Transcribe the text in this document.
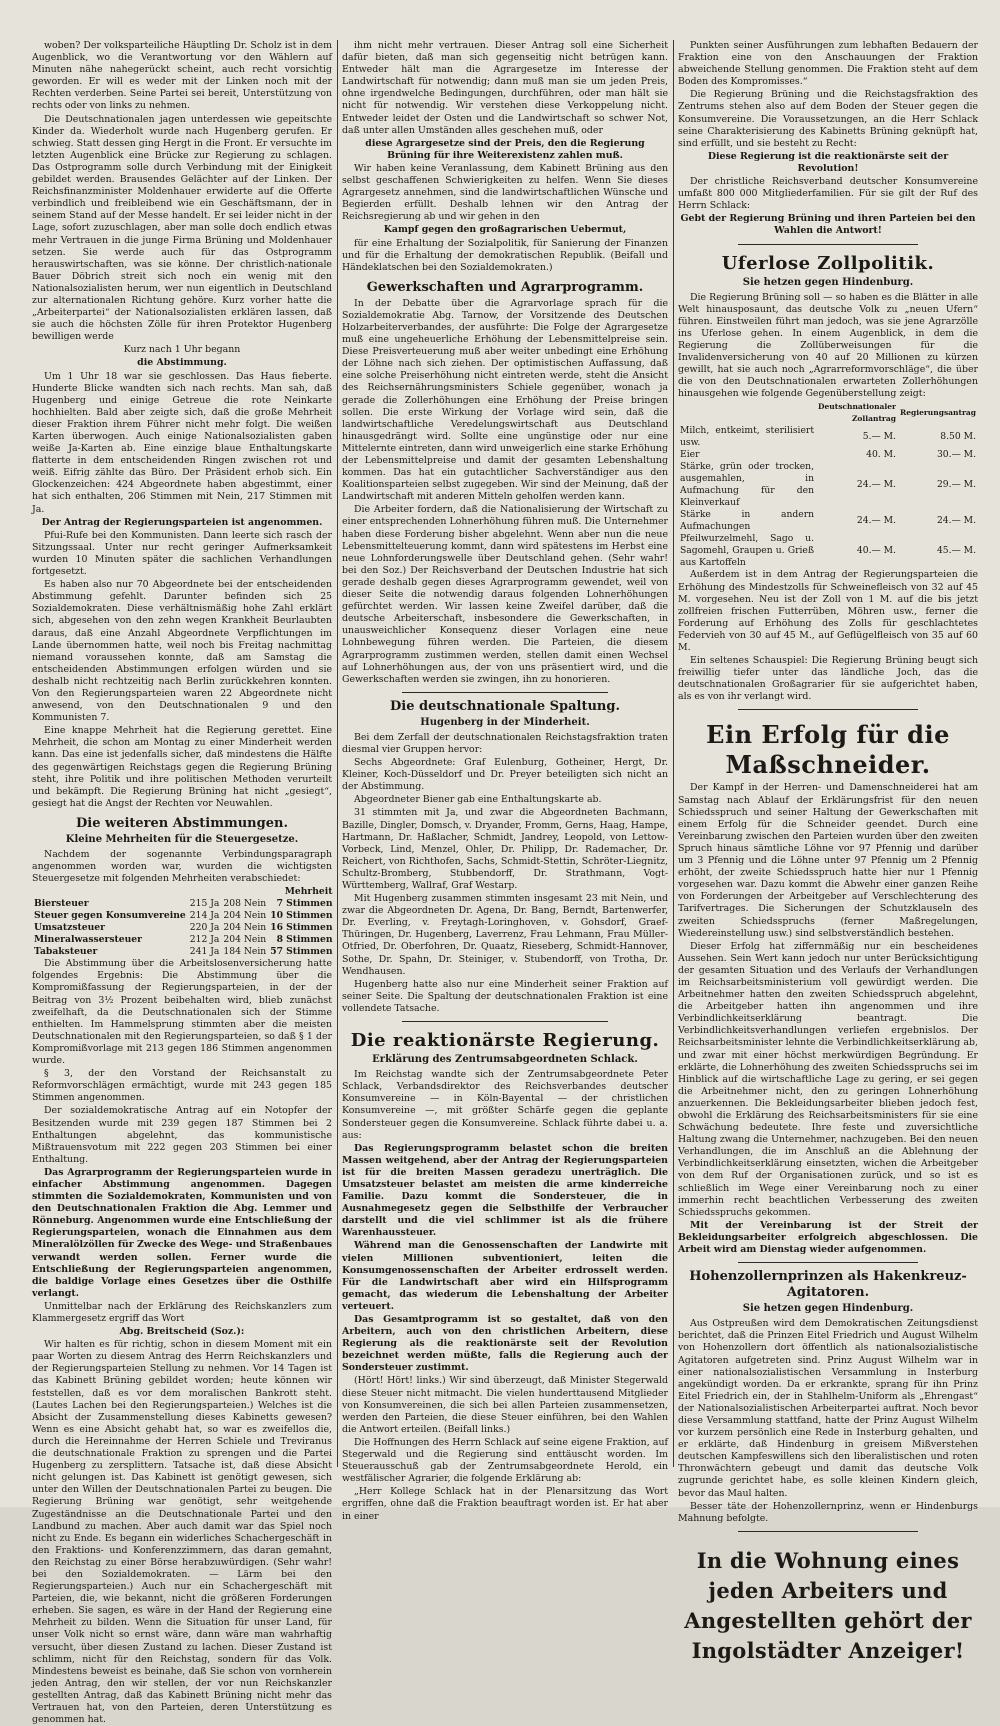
woben? Der volksparteiliche Häuptling Dr. Scholz ist in dem Augenblick, wo die Verantwortung vor den Wählern auf Minuten nähe nahegerückt scheint, auch recht vorsichtig geworden. Er will es weder mit der Linken noch mit der Rechten verderben. Seine Partei sei bereit, Unterstützung von rechts oder von links zu nehmen.

Die Deutschnationalen jagen unterdessen wie gepeitschte Kinder da. Wiederholt wurde nach Hugenberg gerufen. Er schwieg. Statt dessen ging Hergt in die Front. Er versuchte im letzten Augenblick eine Brücke zur Regierung zu schlagen. Das Ostprogramm solle durch Verbindung mit der Einigkeit gebildet werden. Brausendes Gelächter auf der Linken. Der Reichsfinanzminister Moldenhauer erwiderte auf die Offerte verbindlich und freibleibend wie ein Geschäftsmann, der in seinem Stand auf der Messe handelt. Er sei leider nicht in der Lage, sofort zuzuschlagen, aber man solle doch endlich etwas mehr Vertrauen in die junge Firma Brüning und Moldenhauer setzen. Sie werde auch für das Ostprogramm herauswirtschaften, was sie könne. Der christlich-nationale Bauer Döbrich streit sich noch ein wenig mit den Nationalsozialisten herum, wer nun eigentlich in Deutschland zur alternationalen Richtung gehöre. Kurz vorher hatte die „Arbeiterpartei“ der Nationalsozialisten erklären lassen, daß sie auch die höchsten Zölle für ihren Protektor Hugenberg bewilligen werde

Kurz nach 1 Uhr begann

die Abstimmung.

Um 1 Uhr 18 war sie geschlossen. Das Haus fieberte. Hunderte Blicke wandten sich nach rechts. Man sah, daß Hugenberg und einige Getreue die rote Neinkarte hochhielten. Bald aber zeigte sich, daß die große Mehrheit dieser Fraktion ihrem Führer nicht mehr folgt. Die weißen Karten überwogen. Auch einige Nationalsozialisten gaben weiße Ja-Karten ab. Eine einzige blaue Enthaltungskarte flatterte in dem entscheidenden Ringen zwischen rot und weiß. Eifrig zählte das Büro. Der Präsident erhob sich. Ein Glockenzeichen: 424 Abgeordnete haben abgestimmt, einer hat sich enthalten, 206 Stimmen mit Nein, 217 Stimmen mit Ja.

Der Antrag der Regierungsparteien ist angenommen.

Pfui-Rufe bei den Kommunisten. Dann leerte sich rasch der Sitzungssaal. Unter nur recht geringer Aufmerksamkeit wurden 10 Minuten später die sachlichen Verhandlungen fortgesetzt.

Es haben also nur 70 Abgeordnete bei der entscheidenden Abstimmung gefehlt. Darunter befinden sich 25 Sozialdemokraten. Diese verhältnismäßig hohe Zahl erklärt sich, abgesehen von den zehn wegen Krankheit Beurlaubten daraus, daß eine Anzahl Abgeordnete Verpflichtungen im Lande übernommen hatte, weil noch bis Freitag nachmittag niemand voraussehen konnte, daß am Samstag die entscheidenden Abstimmungen erfolgen würden und sie deshalb nicht rechtzeitig nach Berlin zurückkehren konnten. Von den Regierungsparteien waren 22 Abgeordnete nicht anwesend, von den Deutschnationalen 9 und den Kommunisten 7.

Eine knappe Mehrheit hat die Regierung gerettet. Eine Mehrheit, die schon am Montag zu einer Minderheit werden kann. Das eine ist jedenfalls sicher, daß mindestens die Hälfte des gegenwärtigen Reichstags gegen die Regierung Brüning steht, ihre Politik und ihre politischen Methoden verurteilt und bekämpft. Die Regierung Brüning hat nicht „gesiegt“, gesiegt hat die Angst der Rechten vor Neuwahlen.

Die weiteren Abstimmungen.
Kleine Mehrheiten für die Steuergesetze.

Nachdem der sogenannte Verbindungsparagraph angenommen worden war, wurden die wichtigsten Steuergesetze mit folgenden Mehrheiten verabschiedet:

			Mehrheit
Biersteuer	215 Ja	208 Nein	7 Stimmen
Steuer gegen Konsumvereine	214 Ja	204 Nein	10 Stimmen
Umsatzsteuer	220 Ja	204 Nein	16 Stimmen
Mineralwassersteuer	212 Ja	204 Nein	8 Stimmen
Tabaksteuer	241 Ja	184 Nein	57 Stimmen

Die Abstimmung über die Arbeitslosenversicherung hatte folgendes Ergebnis: Die Abstimmung über die Kompromißfassung der Regierungsparteien, in der der Beitrag von 3½ Prozent beibehalten wird, blieb zunächst zweifelhaft, da die Deutschnationalen sich der Stimme enthielten. Im Hammelsprung stimmten aber die meisten Deutschnationalen mit den Regierungsparteien, so daß § 1 der Kompromißvorlage mit 213 gegen 186 Stimmen angenommen wurde.

§ 3, der den Vorstand der Reichsanstalt zu Reformvorschlägen ermächtigt, wurde mit 243 gegen 185 Stimmen angenommen.

Der sozialdemokratische Antrag auf ein Notopfer der Besitzenden wurde mit 239 gegen 187 Stimmen bei 2 Enthaltungen abgelehnt, das kommunistische Mißtrauensvotum mit 222 gegen 203 Stimmen bei einer Enthaltung.

Das Agrarprogramm der Regierungsparteien wurde in einfacher Abstimmung angenommen. Dagegen stimmten die Sozialdemokraten, Kommunisten und von den Deutschnationalen Fraktion die Abg. Lemmer und Rönneburg. Angenommen wurde eine Entschließung der Regierungsparteien, wonach die Einnahmen aus dem Mineralölzöllen für Zwecke des Wege- und Straßenbaues verwandt werden sollen. Ferner wurde die Entschließung der Regierungsparteien angenommen, die baldige Vorlage eines Gesetzes über die Osthilfe verlangt.

Unmittelbar nach der Erklärung des Reichskanzlers zum Klammergesetz ergriff das Wort

Abg. Breitscheid (Soz.):

Wir halten es für richtig, schon in diesem Moment mit ein paar Worten zu diesem Antrag des Herrn Reichskanzlers und der Regierungsparteien Stellung zu nehmen. Vor 14 Tagen ist das Kabinett Brüning gebildet worden; heute können wir feststellen, daß es vor dem moralischen Bankrott steht. (Lautes Lachen bei den Regierungsparteien.) Welches ist die Absicht der Zusammenstellung dieses Kabinetts gewesen? Wenn es eine Absicht gehabt hat, so war es zweifellos die, durch die Hereinnahme der Herren Schiele und Treviranus die deutschnationale Fraktion zu sprengen und die Partei Hugenberg zu zersplittern. Tatsache ist, daß diese Absicht nicht gelungen ist. Das Kabinett ist genötigt gewesen, sich unter den Willen der Deutschnationalen Partei zu beugen. Die Regierung Brüning war genötigt, sehr weitgehende Zugeständnisse an die Deutschnationale Partei und den Landbund zu machen. Aber auch damit war das Spiel noch nicht zu Ende. Es begann ein widerliches Schachergeschäft in den Fraktions- und Konferenzzimmern, das daran gemahnt, den Reichstag zu einer Börse herabzuwürdigen. (Sehr wahr! bei den Sozialdemokraten. — Lärm bei den Regierungsparteien.) Auch nur ein Schachergeschäft mit Parteien, die, wie bekannt, nicht die größeren Forderungen erheben. Sie sagen, es wäre in der Hand der Regierung eine Mehrheit zu bilden. Wenn die Situation für unser Land, für unser Volk nicht so ernst wäre, dann wäre man wahrhaftig versucht, über diesen Zustand zu lachen. Dieser Zustand ist schlimm, nicht für den Reichstag, sondern für das Volk. Mindestens beweist es beinahe, daß Sie schon von vornherein jeden Antrag, den wir stellen, der vor nun Reichskanzler gestellten Antrag, daß das Kabinett Brüning nicht mehr das Vertrauen hat, von den Parteien, deren Unterstützung es genommen hat.

ihm nicht mehr vertrauen. Dieser Antrag soll eine Sicherheit dafür bieten, daß man sich gegenseitig nicht betrügen kann. Entweder hält man die Agrargesetze im Interesse der Landwirtschaft für notwendig; dann muß man sie um jeden Preis, ohne irgendwelche Bedingungen, durchführen, oder man hält sie nicht für notwendig. Wir verstehen diese Verkoppelung nicht. Entweder leidet der Osten und die Landwirtschaft so schwer Not, daß unter allen Umständen alles geschehen muß, oder

diese Agrargesetze sind der Preis, den die Regierung Brüning für ihre Weiterexistenz zahlen muß.

Wir haben keine Veranlassung, dem Kabinett Brüning aus den selbst geschaffenen Schwierigkeiten zu helfen. Wenn Sie dieses Agrargesetz annehmen, sind die landwirtschaftlichen Wünsche und Begierden erfüllt. Deshalb lehnen wir den Antrag der Reichsregierung ab und wir gehen in den

Kampf gegen den großagrarischen Uebermut,

für eine Erhaltung der Sozialpolitik, für Sanierung der Finanzen und für die Erhaltung der demokratischen Republik. (Beifall und Händeklatschen bei den Sozialdemokraten.)

Gewerkschaften und Agrarprogramm.

In der Debatte über die Agrarvorlage sprach für die Sozialdemokratie Abg. Tarnow, der Vorsitzende des Deutschen Holzarbeiterverbandes, der ausführte: Die Folge der Agrargesetze muß eine ungeheuerliche Erhöhung der Lebensmittelpreise sein. Diese Preisverteuerung muß aber weiter unbedingt eine Erhöhung der Löhne nach sich ziehen. Der optimistischen Auffassung, daß eine solche Preiserhöhung nicht eintreten werde, steht die Ansicht des Reichsernährungsministers Schiele gegenüber, wonach ja gerade die Zollerhöhungen eine Erhöhung der Preise bringen sollen. Die erste Wirkung der Vorlage wird sein, daß die landwirtschaftliche Veredelungswirtschaft aus Deutschland hinausgedrängt wird. Sollte eine ungünstige oder nur eine Mittelernte eintreten, dann wird unweigerlich eine starke Erhöhung der Lebensmittelpreise und damit der gesamten Lebenshaltung kommen. Das hat ein gutachtlicher Sachverständiger aus den Koalitionsparteien selbst zugegeben. Wir sind der Meinung, daß der Landwirtschaft mit anderen Mitteln geholfen werden kann.

Die Arbeiter fordern, daß die Nationalisierung der Wirtschaft zu einer entsprechenden Lohnerhöhung führen muß. Die Unternehmer haben diese Forderung bisher abgelehnt. Wenn aber nun die neue Lebensmittelteuerung kommt, dann wird spätestens im Herbst eine neue Lohnforderungswelle über Deutschland gehen. (Sehr wahr! bei den Soz.) Der Reichsverband der Deutschen Industrie hat sich gerade deshalb gegen dieses Agrarprogramm gewendet, weil von dieser Seite die notwendig daraus folgenden Lohnerhöhungen gefürchtet werden. Wir lassen keine Zweifel darüber, daß die deutsche Arbeiterschaft, insbesondere die Gewerkschaften, in unausweichlicher Konsequenz dieser Vorlagen eine neue Lohnbewegung führen werden. Die Parteien, die diesem Agrarprogramm zustimmen werden, stellen damit einen Wechsel auf Lohnerhöhungen aus, der von uns präsentiert wird, und die Gewerkschaften werden sie zwingen, ihn zu honorieren.

Die deutschnationale Spaltung.
Hugenberg in der Minderheit.

Bei dem Zerfall der deutschnationalen Reichstagsfraktion traten diesmal vier Gruppen hervor:

Sechs Abgeordnete: Graf Eulenburg, Gotheiner, Hergt, Dr. Kleiner, Koch-Düsseldorf und Dr. Preyer beteiligten sich nicht an der Abstimmung.

Abgeordneter Biener gab eine Enthaltungskarte ab.

31 stimmten mit Ja, und zwar die Abgeordneten Bachmann, Bazille, Dingler, Domsch, v. Dryander, Fromm, Gerns, Haag, Hampe, Hartmann, Dr. Haßlacher, Schmidt, Jandrey, Leopold, von Lettow-Vorbeck, Lind, Menzel, Ohler, Dr. Philipp, Dr. Rademacher, Dr. Reichert, von Richthofen, Sachs, Schmidt-Stettin, Schröter-Liegnitz, Schultz-Bromberg, Stubbendorff, Dr. Strathmann, Vogt-Württemberg, Wallraf, Graf Westarp.

Mit Hugenberg zusammen stimmten insgesamt 23 mit Nein, und zwar die Abgeordneten Dr. Agena, Dr. Bang, Berndt, Bartenwerfer, Dr. Everling, v. Freytagh-Loringhoven, v. Gohsdorf, Graef-Thüringen, Dr. Hugenberg, Laverrenz, Frau Lehmann, Frau Müller-Otfried, Dr. Oberfohren, Dr. Quaatz, Rieseberg, Schmidt-Hannover, Sothe, Dr. Spahn, Dr. Steiniger, v. Stubendorff, von Trotha, Dr. Wendhausen.

Hugenberg hatte also nur eine Minderheit seiner Fraktion auf seiner Seite. Die Spaltung der deutschnationalen Fraktion ist eine vollendete Tatsache.

Die reaktionärste Regierung.
Erklärung des Zentrumsabgeordneten Schlack.

Im Reichstag wandte sich der Zentrumsabgeordnete Peter Schlack, Verbandsdirektor des Reichsverbandes deutscher Konsumvereine — in Köln-Bayental — der christlichen Konsumvereine —, mit größter Schärfe gegen die geplante Sondersteuer gegen die Konsumvereine. Schlack führte dabei u. a. aus:

Das Regierungsprogramm belastet schon die breiten Massen weitgehend, aber der Antrag der Regierungsparteien ist für die breiten Massen geradezu unerträglich. Die Umsatzsteuer belastet am meisten die arme kinderreiche Familie. Dazu kommt die Sondersteuer, die in Ausnahmegesetz gegen die Selbsthilfe der Verbraucher darstellt und die viel schlimmer ist als die frühere Warenhaussteuer.

Während man die Genossenschaften der Landwirte mit vielen Millionen subventioniert, leiten die Konsumgenossenschaften der Arbeiter erdrosselt werden. Für die Landwirtschaft aber wird ein Hilfsprogramm gemacht, das wiederum die Lebenshaltung der Arbeiter verteuert.

Das Gesamtprogramm ist so gestaltet, daß von den Arbeitern, auch von den christlichen Arbeitern, diese Regierung als die reaktionärste seit der Revolution bezeichnet werden müßte, falls die Regierung auch der Sondersteuer zustimmt.

(Hört! Hört! links.) Wir sind überzeugt, daß Minister Stegerwald diese Steuer nicht mitmacht. Die vielen hunderttausend Mitglieder von Konsumvereinen, die sich bei allen Parteien zusammensetzen, werden den Parteien, die diese Steuer einführen, bei den Wahlen die Antwort erteilen. (Beifall links.)

Die Hoffnungen des Herrn Schlack auf seine eigene Fraktion, auf Stegerwald und die Regierung sind enttäuscht worden. Im Steuerausschuß gab der Zentrumsabgeordnete Herold, ein westfälischer Agrarier, die folgende Erklärung ab:

„Herr Kollege Schlack hat in der Plenarsitzung das Wort ergriffen, ohne daß die Fraktion beauftragt worden ist. Er hat aber in einer

Punkten seiner Ausführungen zum lebhaften Bedauern der Fraktion eine von den Anschauungen der Fraktion abweichende Stellung genommen. Die Fraktion steht auf dem Boden des Kompromisses.“

Die Regierung Brüning und die Reichstagsfraktion des Zentrums stehen also auf dem Boden der Steuer gegen die Konsumvereine. Die Voraussetzungen, an die Herr Schlack seine Charakterisierung des Kabinetts Brüning geknüpft hat, sind erfüllt, und sie besteht zu Recht:

Diese Regierung ist die reaktionärste seit der Revolution!

Der christliche Reichsverband deutscher Konsumvereine umfaßt 800 000 Mitgliederfamilien. Für sie gilt der Ruf des Herrn Schlack:

Gebt der Regierung Brüning und ihren Parteien bei den Wahlen die Antwort!

Uferlose Zollpolitik.
Sie hetzen gegen Hindenburg.

Die Regierung Brüning soll — so haben es die Blätter in alle Welt hinausposaunt, das deutsche Volk zu „neuen Ufern“ führen. Einstweilen führt man jedoch, was sie jene Agrarzölle ins Uferlose gehen. In einem Augenblick, in dem die Regierung die Zollüberweisungen für die Invalidenversicherung von 40 auf 20 Millionen zu kürzen gewillt, hat sie auch noch „Agrarreformvorschläge“, die über die von den Deutschnationalen erwarteten Zollerhöhungen hinausgehen wie folgende Gegenüberstellung zeigt:

	Deutschnationaler Zollantrag	Regierungsantrag
Milch, entkeimt, sterilisiert usw.	5.— M.	8.50 M.
Eier	40. M.	30.— M.
Stärke, grün oder trocken, ausgemahlen, in Aufmachung für den Kleinverkauf	24.— M.	29.— M.
Stärke in andern Aufmachungen	24.— M.	24.— M.
Pfeilwurzelmehl, Sago u. Sagomehl, Graupen u. Grieß aus Kartoffeln	40.— M.	45.— M.

Außerdem ist in dem Antrag der Regierungsparteien die Erhöhung des Mindestzolls für Schweinefleisch von 32 auf 45 M. vorgesehen. Neu ist der Zoll von 1 M. auf die bis jetzt zollfreien frischen Futterrüben, Möhren usw., ferner die Forderung auf Erhöhung des Zolls für geschlachtetes Federvieh von 30 auf 45 M., auf Geflügelfleisch von 35 auf 60 M.

Ein seltenes Schauspiel: Die Regierung Brüning beugt sich freiwillig tiefer unter das ländliche Joch, das die deutschnationalen Großagrarier für sie aufgerichtet haben, als es von ihr verlangt wird.

Ein Erfolg für die Maßschneider.

Der Kampf in der Herren- und Damenschneiderei hat am Samstag nach Ablauf der Erklärungsfrist für den neuen Schiedsspruch und seiner Haltung der Gewerkschaften mit einem Erfolg für die Schneider geendet. Durch eine Vereinbarung zwischen den Parteien wurden über den zweiten Spruch hinaus sämtliche Löhne vor 97 Pfennig und darüber um 3 Pfennig und die Löhne unter 97 Pfennig um 2 Pfennig erhöht, der zweite Schiedsspruch hatte hier nur 1 Pfennig vorgesehen war. Dazu kommt die Abwehr einer ganzen Reihe von Forderungen der Arbeitgeber auf Verschlechterung des Tarifvertrages. Die Sicherungen der Schutzklauseln des zweiten Schiedsspruchs (ferner Maßregelungen, Wiedereinstellung usw.) sind selbstverständlich bestehen.

Dieser Erfolg hat ziffernmäßig nur ein bescheidenes Aussehen. Sein Wert kann jedoch nur unter Berücksichtigung der gesamten Situation und des Verlaufs der Verhandlungen im Reichsarbeitsministerium voll gewürdigt werden. Die Arbeitnehmer hatten den zweiten Schiedsspruch abgelehnt, die Arbeitgeber hatten ihn angenommen und ihre Verbindlichkeitserklärung beantragt. Die Verbindlichkeitsverhandlungen verliefen ergebnislos. Der Reichsarbeitsminister lehnte die Verbindlichkeitserklärung ab, und zwar mit einer höchst merkwürdigen Begründung. Er erklärte, die Lohnerhöhung des zweiten Schiedsspruchs sei im Hinblick auf die wirtschaftliche Lage zu gering, er sei gegen die Arbeitnehmer nicht, den zu geringen Lohnerhöhung anzuerkennen. Die Bekleidungsarbeiter blieben jedoch fest, obwohl die Erklärung des Reichsarbeitsministers für sie eine Schwächung bedeutete. Ihre feste und zuversichtliche Haltung zwang die Unternehmer, nachzugeben. Bei den neuen Verhandlungen, die im Anschluß an die Ablehnung der Verbindlichkeitserklärung einsetzten, wichen die Arbeitgeber von dem Ruf der Organisationen zurück, und so ist es schließlich im Wege einer Vereinbarung noch zu einer immerhin recht beachtlichen Verbesserung des zweiten Schiedsspruchs gekommen.

Mit der Vereinbarung ist der Streit der Bekleidungsarbeiter erfolgreich abgeschlossen. Die Arbeit wird am Dienstag wieder aufgenommen.

Hohenzollernprinzen als Hakenkreuz-Agitatoren.
Sie hetzen gegen Hindenburg.

Aus Ostpreußen wird dem Demokratischen Zeitungsdienst berichtet, daß die Prinzen Eitel Friedrich und August Wilhelm von Hohenzollern dort öffentlich als nationalsozialistische Agitatoren aufgetreten sind. Prinz August Wilhelm war in einer nationalsozialistischen Versammlung in Insterburg angekündigt worden. Da er erkrankte, sprang für ihn Prinz Eitel Friedrich ein, der in Stahlhelm-Uniform als „Ehrengast“ der Nationalsozialistischen Arbeiterpartei auftrat. Noch bevor diese Versammlung stattfand, hatte der Prinz August Wilhelm vor kurzem persönlich eine Rede in Insterburg gehalten, und er erklärte, daß Hindenburg in greisem Mißverstehen deutschen Kampfeswillens sich den liberalistischen und roten Thronwächtern gebeugt und damit das deutsche Volk zugrunde gerichtet habe, es solle kleinen Kindern gleich, bevor das Maul halten.

Besser täte der Hohenzollernprinz, wenn er Hindenburgs Mahnung befolgte.

In die Wohnung eines jeden Arbeiters und Angestellten gehört der Ingolstädter Anzeiger!
